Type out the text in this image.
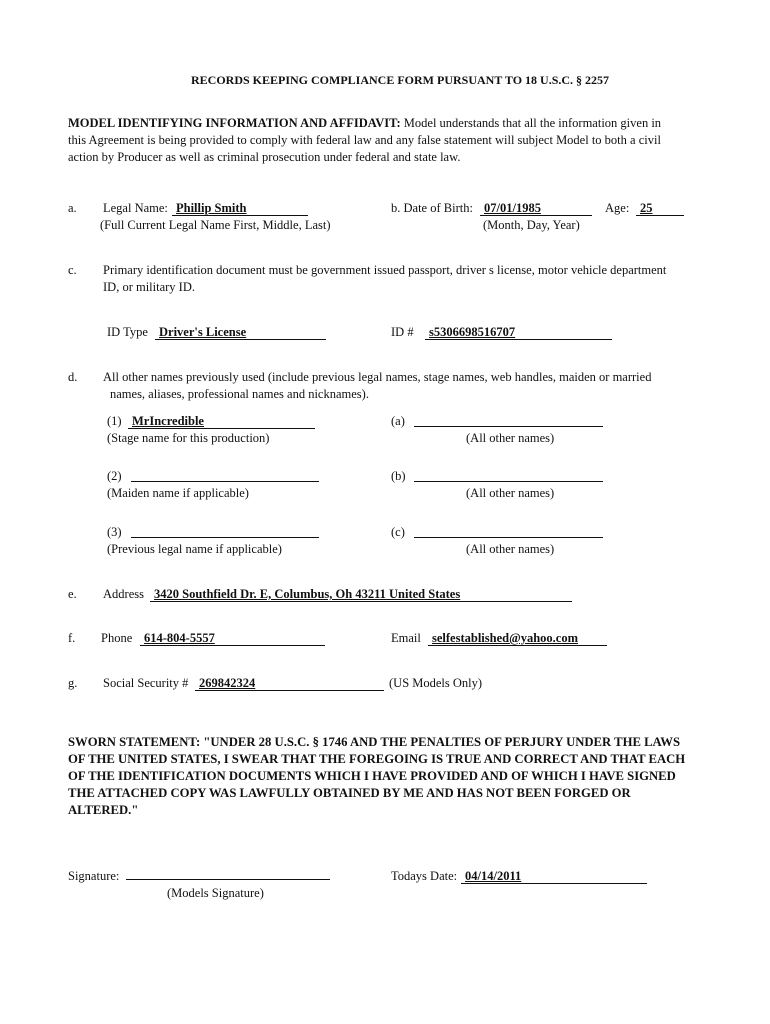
RECORDS KEEPING COMPLIANCE FORM PURSUANT TO 18 U.S.C. § 2257
MODEL IDENTIFYING INFORMATION AND AFFIDAVIT: Model understands that all the information given in
this Agreement is being provided to comply with federal law and any false statement will subject Model to both a civil
action by Producer as well as criminal prosecution under federal and state law.
a. Legal Name: Phillip Smith
(Full Current Legal Name First, Middle, Last)
b. Date of Birth: 07/01/1985
(Month, Day, Year)
Age: 25
c. Primary identification document must be government issued passport, driver s license, motor vehicle department
ID, or military ID.
ID Type Driver's License	ID #	s5306698516707
d. All other names previously used (include previous legal names, stage names, web handles, maiden or married
names, aliases, professional names and nicknames).
(1) MrIncredible
(Stage name for this production)
(a)
(All other names)
(2)
(Maiden name if applicable)
(b)
(All other names)
(3)
(Previous legal name if applicable)
(c)
(All other names)
e. Address 3420 Southfield Dr. E, Columbus, Oh 43211 United States
f. Phone 614-804-5557	Email selfestablished@yahoo.com
g. Social Security # 269842324	(US Models Only)
SWORN STATEMENT: "UNDER 28 U.S.C. § 1746 AND THE PENALTIES OF PERJURY UNDER THE LAWS
OF THE UNITED STATES, I SWEAR THAT THE FOREGOING IS TRUE AND CORRECT AND THAT EACH
OF THE IDENTIFICATION DOCUMENTS WHICH I HAVE PROVIDED AND OF WHICH I HAVE SIGNED
THE ATTACHED COPY WAS LAWFULLY OBTAINED BY ME AND HAS NOT BEEN FORGED OR
ALTERED."
Signature:
(Models Signature)
Todays Date: 04/14/2011
